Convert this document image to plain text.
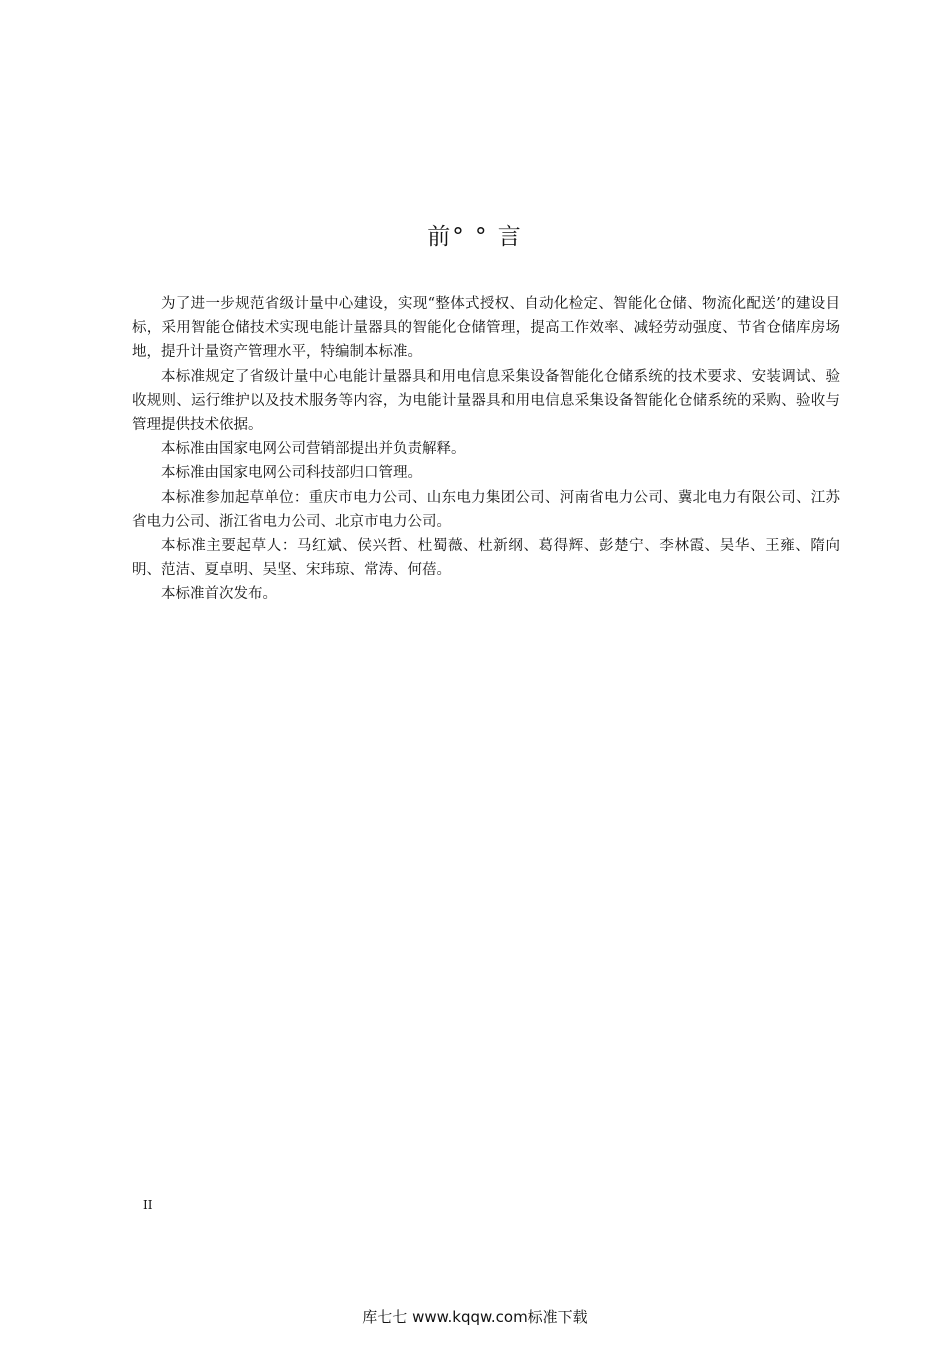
前° ° 言

为了进一步规范省级计量中心建设，实现“整体式授权、自动化检定、智能化仓储、物流化配送’的建设目标，采用智能仓储技术实现电能计量器具的智能化仓储管理，提高工作效率、减轻劳动强度、节省仓储库房场地，提升计量资产管理水平，特编制本标准。

本标准规定了省级计量中心电能计量器具和用电信息采集设备智能化仓储系统的技术要求、安装调试、验收规则、运行维护以及技术服务等内容，为电能计量器具和用电信息采集设备智能化仓储系统的采购、验收与管理提供技术依据。

本标准由国家电网公司营销部提出并负责解释。

本标准由国家电网公司科技部归口管理。

本标准参加起草单位：重庆市电力公司、山东电力集团公司、河南省电力公司、冀北电力有限公司、江苏省电力公司、浙江省电力公司、北京市电力公司。

本标准主要起草人：马红斌、侯兴哲、杜蜀薇、杜新纲、葛得辉、彭楚宁、李林霞、吴华、王雍、隋向明、范洁、夏卓明、吴坚、宋玮琼、常涛、何蓓。

本标准首次发布。

II
库七七 www.kqqw.com标准下载
